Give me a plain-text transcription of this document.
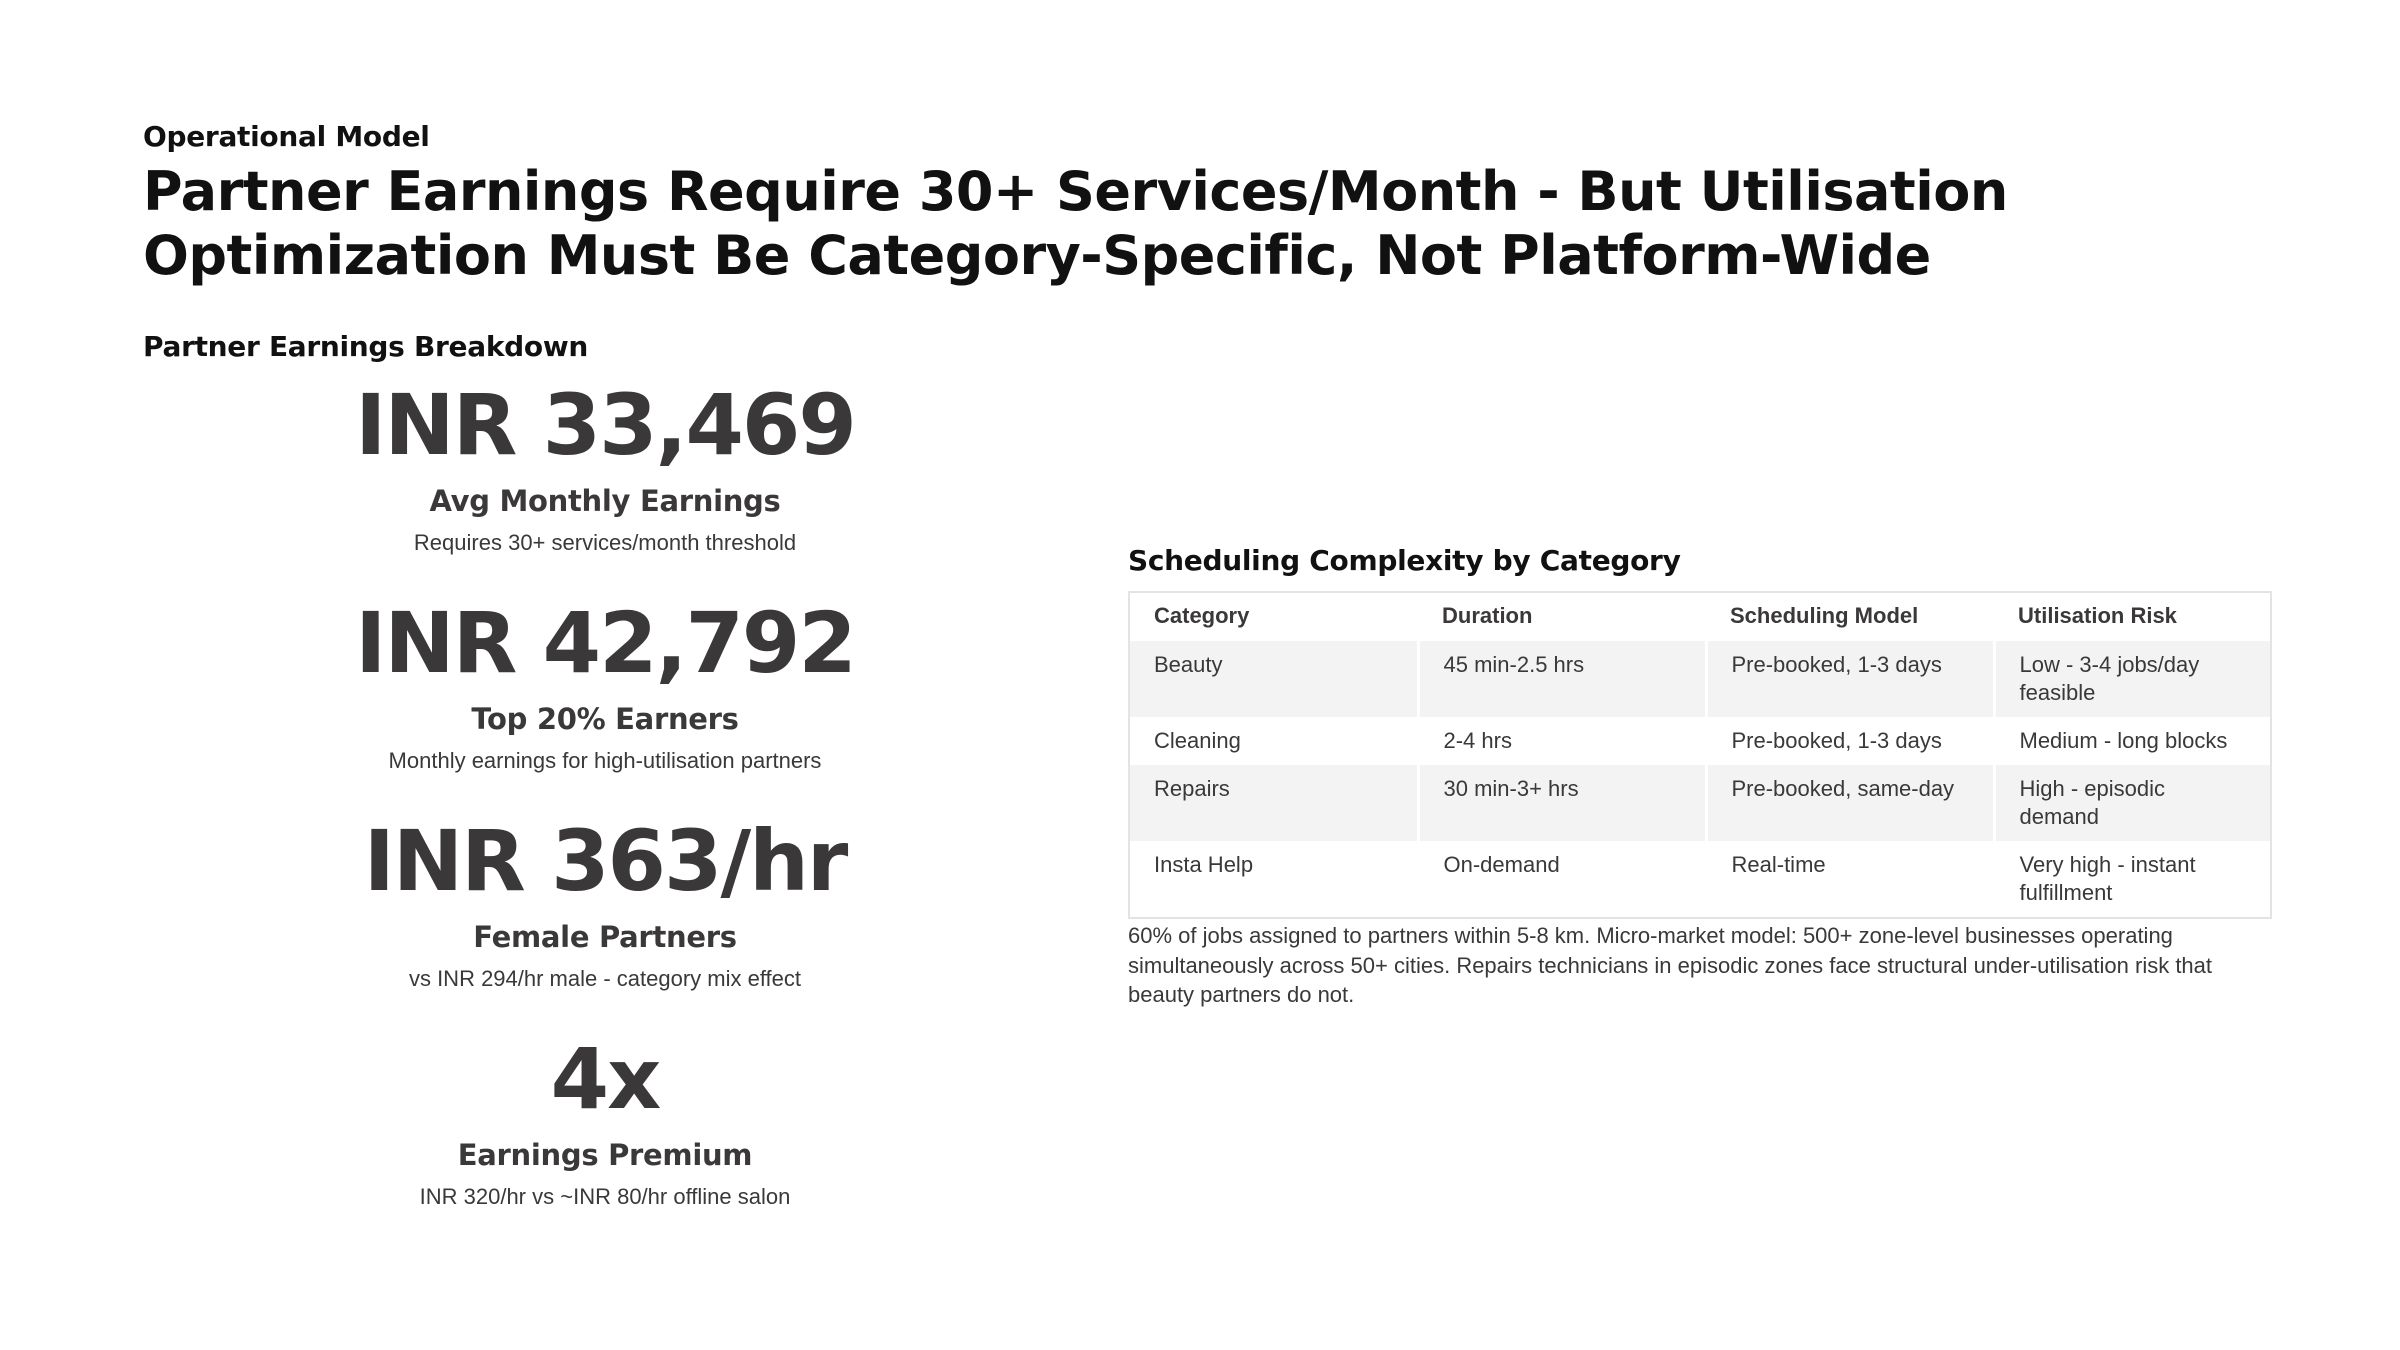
Operational Model
Partner Earnings Require 30+ Services/Month - But Utilisation Optimization Must Be Category-Specific, Not Platform-Wide
Partner Earnings Breakdown
INR 33,469
Avg Monthly Earnings
Requires 30+ services/month threshold
INR 42,792
Top 20% Earners
Monthly earnings for high-utilisation partners
INR 363/hr
Female Partners
vs INR 294/hr male - category mix effect
4x
Earnings Premium
INR 320/hr vs ~INR 80/hr offline salon
Scheduling Complexity by Category
Category	Duration	Scheduling Model	Utilisation Risk
Beauty	45 min-2.5 hrs	Pre-booked, 1-3 days	Low - 3-4 jobs/day feasible
Cleaning	2-4 hrs	Pre-booked, 1-3 days	Medium - long blocks
Repairs	30 min-3+ hrs	Pre-booked, same-day	High - episodic demand
Insta Help	On-demand	Real-time	Very high - instant fulfillment
60% of jobs assigned to partners within 5-8 km. Micro-market model: 500+ zone-level businesses operating simultaneously across 50+ cities. Repairs technicians in episodic zones face structural under-utilisation risk that beauty partners do not.
